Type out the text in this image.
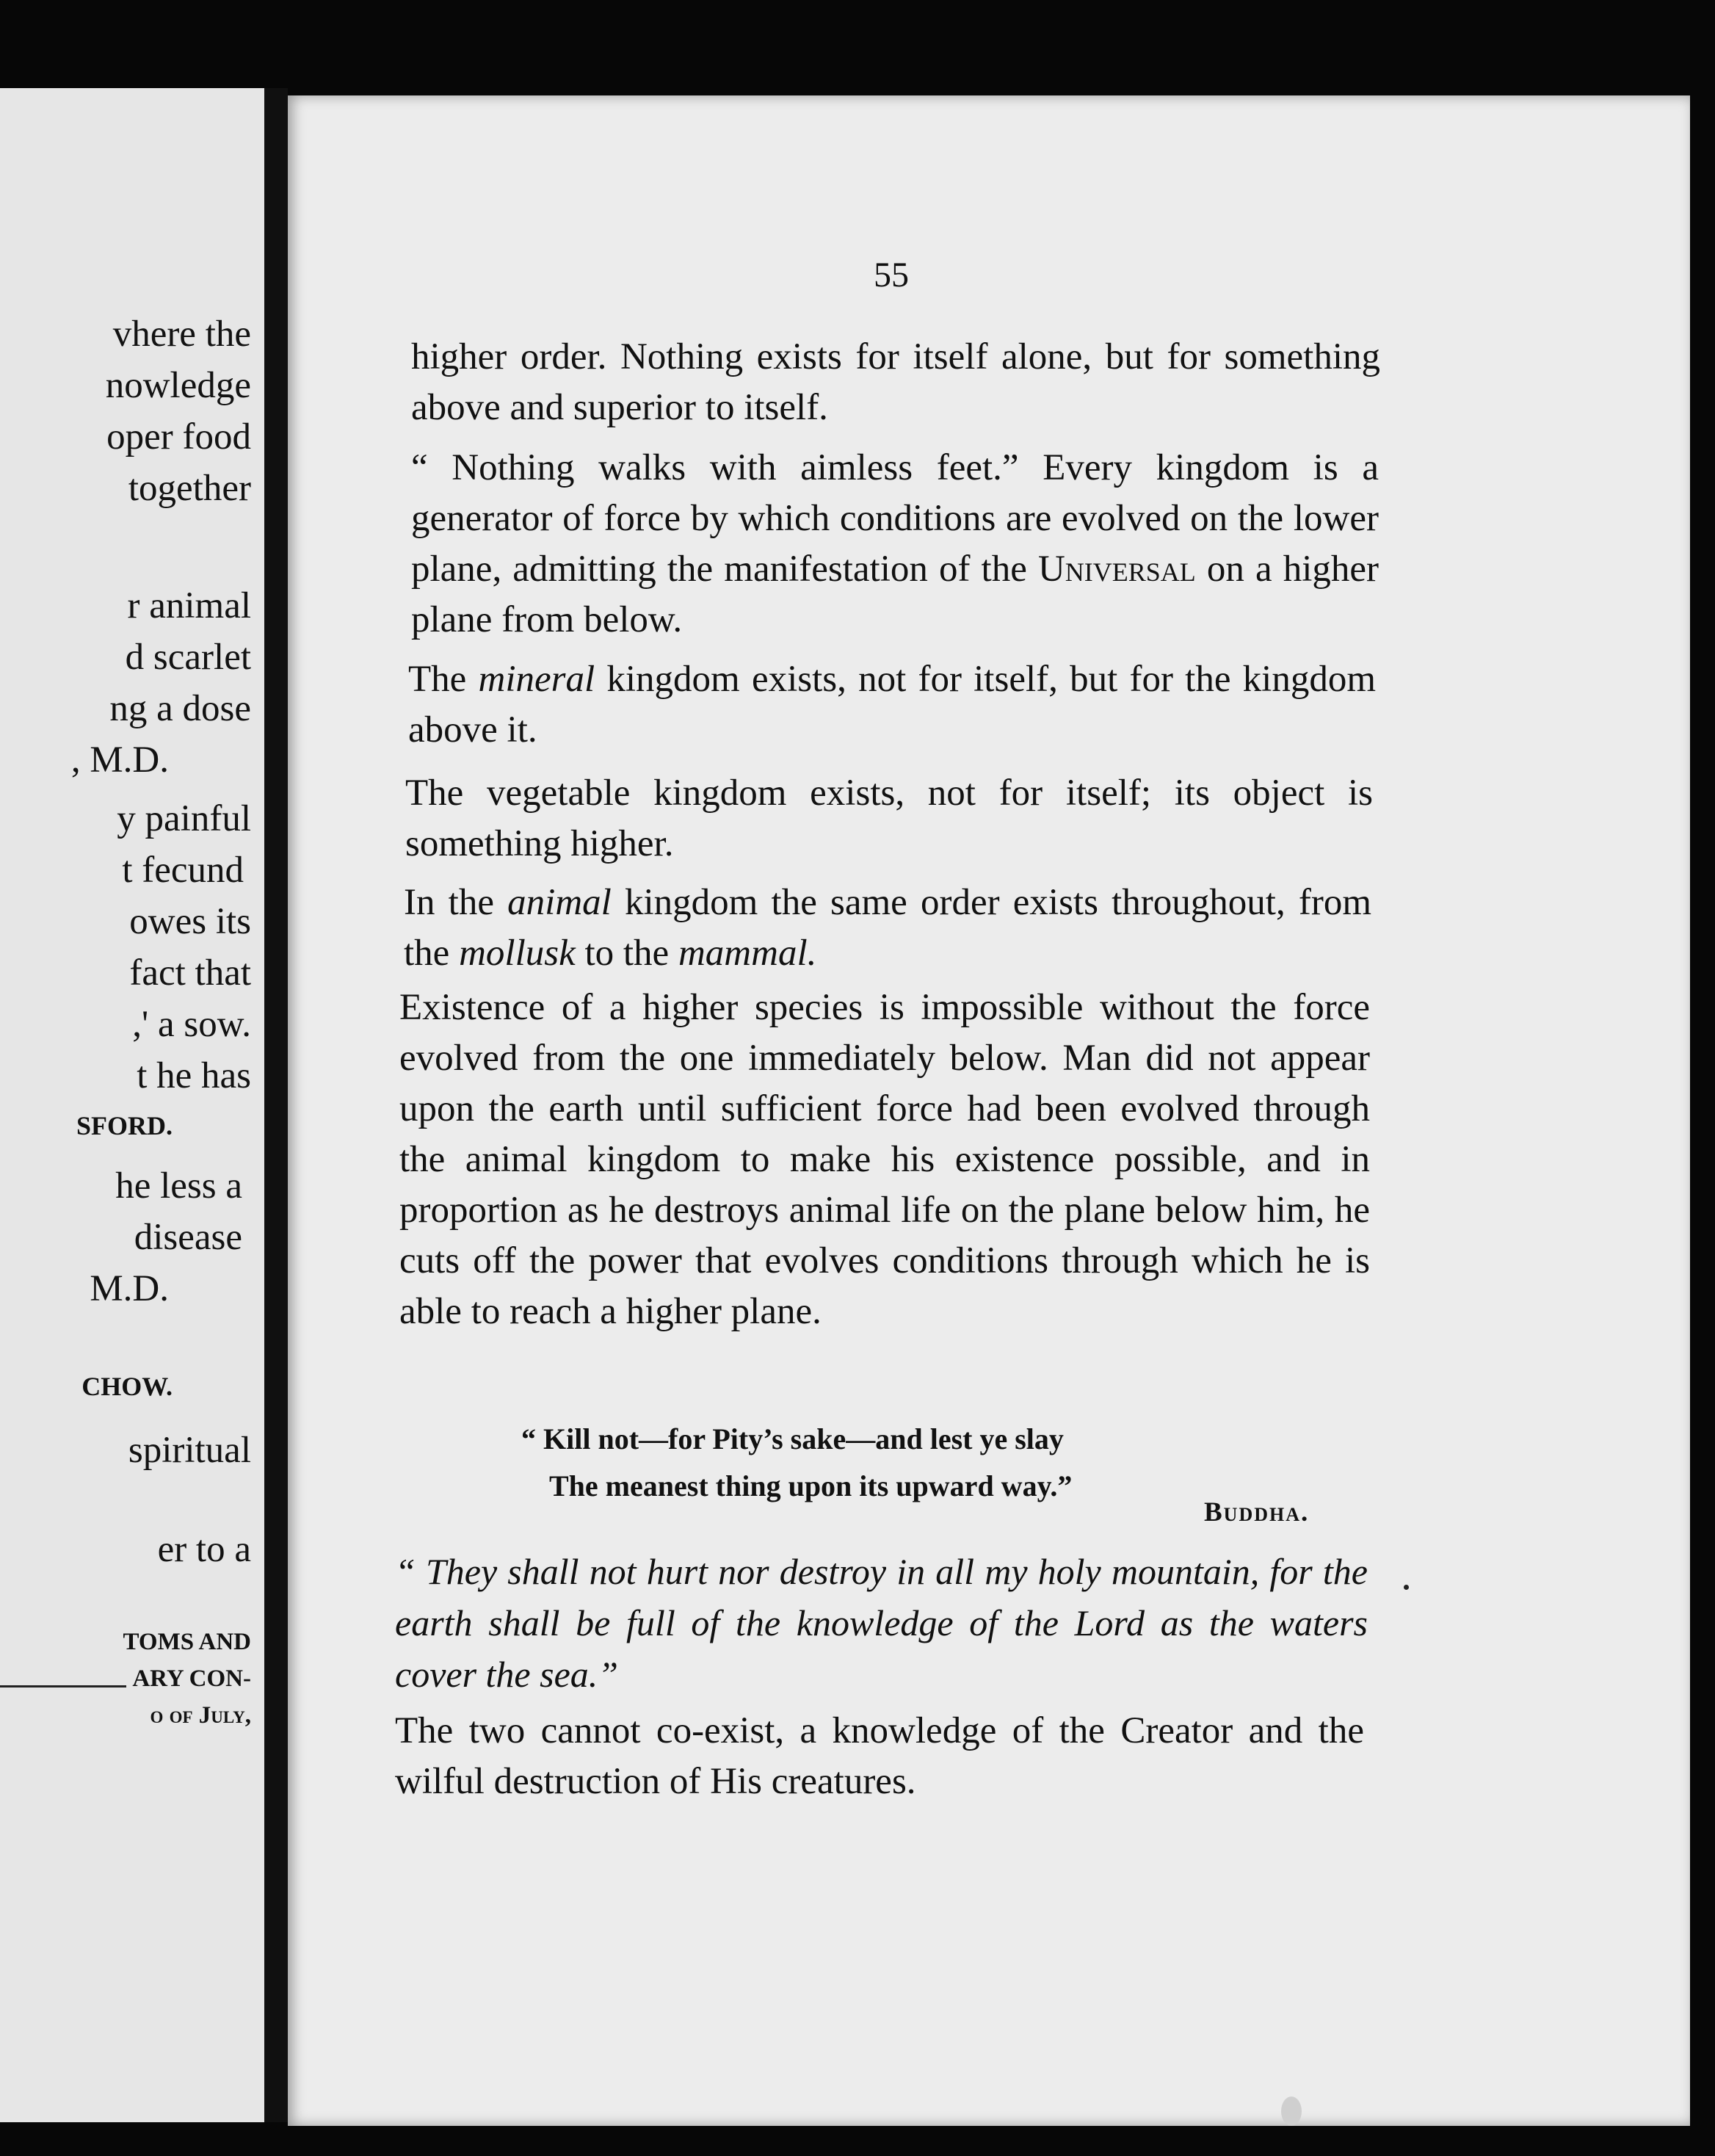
vhere the
nowledge
oper food
together
r animal
d scarlet
ng a dose
, M.D.
y painful
t fecund
owes its
fact that
,' a sow.
t he has
SFORD.
he less a
disease
M.D.
CHOW.
spiritual
er to a
TOMS AND
ARY CON-
o of July,
55

higher order. Nothing exists for itself alone, but for something above and superior to itself.

“ Nothing walks with aimless feet.” Every kingdom is a generator of force by which conditions are evolved on the lower plane, admitting the manifestation of the Universal on a higher plane from below.

The mineral kingdom exists, not for itself, but for the kingdom above it.

The vegetable kingdom exists, not for itself; its object is something higher.

In the animal kingdom the same order exists throughout, from the mollusk to the mammal.

Existence of a higher species is impossible without the force evolved from the one immediately below. Man did not appear upon the earth until sufficient force had been evolved through the animal kingdom to make his existence possible, and in proportion as he destroys animal life on the plane below him, he cuts off the power that evolves conditions through which he is able to reach a higher plane.

“ Kill not—for Pity’s sake—and lest ye slay
The meanest thing upon its upward way.”
Buddha.
“ They shall not hurt nor destroy in all my holy mountain, for the earth shall be full of the knowledge of the Lord as the waters cover the sea.”

The two cannot co-exist, a knowledge of the Creator and the wilful destruction of His creatures.
